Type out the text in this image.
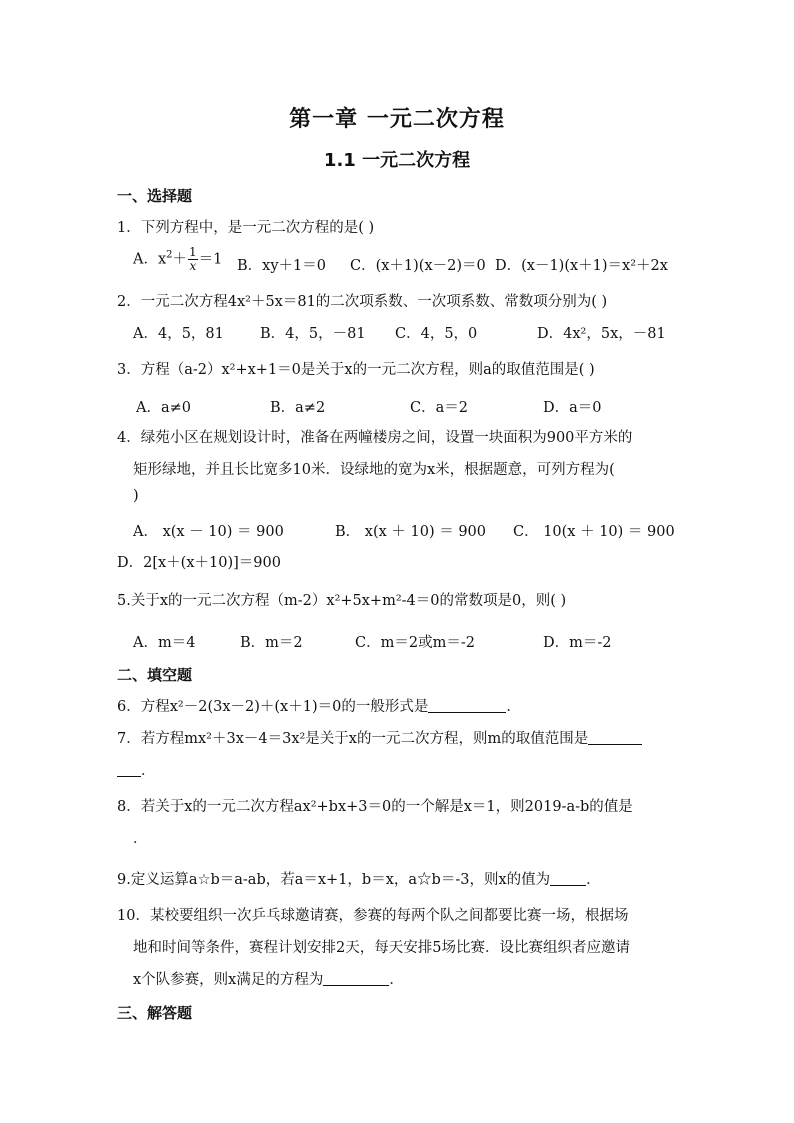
第一章 一元二次方程
1.1 一元二次方程
一、选择题
1．下列方程中，是一元二次方程的是( )
A．$x^2+ \frac{1}{x} =1$ B．xy＋1＝0 C．(x＋1)(x－2)＝0 D．(x－1)(x＋1)＝x²＋2x
2．一元二次方程4x²＋5x＝81的二次项系数、一次项系数、常数项分别为( )
A．4，5，81 B．4，5，－81 C．4，5，0	D．4x²，5x，－81
3．方程（a-2）x²+x+1＝0是关于x的一元二次方程，则a的取值范围是( )
A．a≠0	B．a≠2	C．a＝2	D．a＝0
4．绿苑小区在规划设计时，准备在两幢楼房之间，设置一块面积为900平方米的
矩形绿地，并且长比宽多10米．设绿地的宽为x米，根据题意，可列方程为(
)
A． x(x － 10) ＝ 900	B． x(x ＋ 10) ＝ 900 C． 10(x ＋ 10) ＝ 900
D．2[x＋(x＋10)]＝900
5.关于x的一元二次方程（m-2）x²+5x+m²-4＝0的常数项是0，则( )
A．m＝4	B．m＝2	C．m＝2或m＝-2	D．m＝-2
二、填空题
6．方程x²－2(3x－2)＋(x＋1)＝0的一般形式是	．
7．若方程mx²＋3x－4＝3x²是关于x的一元二次方程，则m的取值范围是
．
8．若关于x的一元二次方程ax²+bx+3＝0的一个解是x＝1，则2019-a-b的值是
．
9.定义运算a☆b＝a-ab，若a＝x+1，b＝x，a☆b＝-3，则x的值为 ．
10．某校要组织一次乒乓球邀请赛，参赛的每两个队之间都要比赛一场，根据场
地和时间等条件，赛程计划安排2天，每天安排5场比赛．设比赛组织者应邀请
x个队参赛，则x满足的方程为	．
三、解答题
